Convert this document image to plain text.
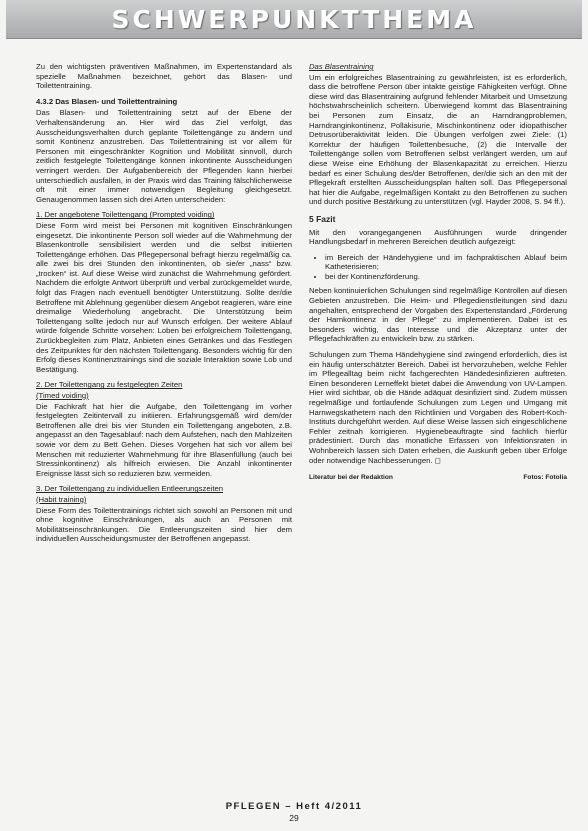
SCHWERPUNKTTHEMA

Zu den wichtigsten präventiven Maßnahmen, im Expertenstandard als spezielle Maßnahmen bezeichnet, gehört das Blasen- und Toilettentraining.

4.3.2 Das Blasen- und Toilettentraining

Das Blasen- und Toilettentraining setzt auf der Ebene der Verhaltensänderung an. Hier wird das Ziel verfolgt, das Ausscheidungsverhalten durch geplante Toilettengänge zu ändern und somit Kontinenz anzustreben. Das Toilettentraining ist vor allem für Personen mit eingeschränkter Kognition und Mobilität sinnvoll, durch zeitlich festgelegte Toilettengänge können inkontinente Ausscheidungen verringert werden. Der Aufgabenbereich der Pflegenden kann hierbei unterschiedlich ausfallen, in der Praxis wird das Training fälschlicherweise oft mit einer immer notwendigen Begleitung gleichgesetzt. Genaugenommen lassen sich drei Arten unterscheiden:

1. Der angebotene Toilettengang (Prompted voiding)

Diese Form wird meist bei Personen mit kognitiven Einschränkungen eingesetzt. Die inkontinente Person soll wieder auf die Wahrnehmung der Blasenkontrolle sensibilisiert werden und die selbst initiierten Toilettengänge erhöhen. Das Pflegepersonal befragt hierzu regelmäßig ca. alle zwei bis drei Stunden den inkontinenten, ob sie/er „nass“ bzw. „trocken“ ist. Auf diese Weise wird zunächst die Wahrnehmung gefördert. Nachdem die erfolgte Antwort überprüft und verbal zurückgemeldet wurde, folgt das Fragen nach eventuell benötigter Unterstützung. Sollte der/die Betroffene mit Ablehnung gegenüber diesem Angebot reagieren, wäre eine dreimalige Wiederholung angebracht. Die Unterstützung beim Toilettengang sollte jedoch nur auf Wunsch erfolgen. Der weitere Ablauf würde folgende Schritte vorsehen: Loben bei erfolgreichem Toilettengang, Zurückbegleiten zum Platz, Anbieten eines Getränkes und das Festlegen des Zeitpunktes für den nächsten Toilettengang. Besonders wichtig für den Erfolg dieses Kontinenztrainings sind die soziale Interaktion sowie Lob und Bestätigung.

2. Der Toilettengang zu festgelegten Zeiten
(Timed voiding)

Die Fachkraft hat hier die Aufgabe, den Toilettengang im vorher festgelegten Zeitintervall zu initiieren. Erfahrungsgemäß wird dem/der Betroffenen alle drei bis vier Stunden ein Toilettengang angeboten, z.B. angepasst an den Tagesablauf: nach dem Aufstehen, nach den Mahlzeiten sowie vor dem zu Bett Gehen. Dieses Vorgehen hat sich vor allem bei Menschen mit reduzierter Wahrnehmung für ihre Blasenfüllung (auch bei Stressinkontinenz) als hilfreich erwiesen. Die Anzahl inkontinenter Ereignisse lässt sich so reduzieren bzw. vermeiden.

3. Der Toilettengang zu individuellen Entleerungszeiten
(Habit training)

Diese Form des Toilettentrainings richtet sich sowohl an Personen mit und ohne kognitive Einschränkungen, als auch an Personen mit Mobilitätseinschränkungen. Die Entleerungszeiten sind hier dem individuellen Ausscheidungsmuster der Betroffenen angepasst.

Das Blasentraining

Um ein erfolgreiches Blasentraining zu gewährleisten, ist es erforderlich, dass die betroffene Person über intakte geistige Fähigkeiten verfügt. Ohne diese wird das Blasentraining aufgrund fehlender Mitarbeit und Umsetzung höchstwahrscheinlich scheitern. Überwiegend kommt das Blasentraining bei Personen zum Einsatz, die an Harndrangproblemen, Harndranginkontinenz, Pollakisurie, Mischinkontinenz oder idiopathischer Detrusorüberaktivität leiden. Die Übungen verfolgen zwei Ziele: (1) Korrektur der häufigen Toilettenbesuche, (2) die Intervalle der Toilettengänge sollen vom Betroffenen selbst verlängert werden, um auf diese Weise eine Erhöhung der Blasenkapazität zu erreichen. Hierzu bedarf es einer Schulung des/der Betroffenen, der/die sich an den mit der Pflegekraft erstellten Ausscheidungsplan halten soll. Das Pflegepersonal hat hier die Aufgabe, regelmäßigen Kontakt zu den Betroffenen zu suchen und durch positive Bestärkung zu unterstützen (vgl. Hayder 2008, S. 94 ff.).

5 Fazit

Mit den vorangegangenen Ausführungen wurde dringender Handlungsbedarf in mehreren Bereichen deutlich aufgezeigt:

• im Bereich der Händehygiene und im fachpraktischen Ablauf beim Katheterisieren;
• bei der Kontinenzförderung.

Neben kontinuierlichen Schulungen sind regelmäßige Kontrollen auf diesen Gebieten anzustreben. Die Heim- und Pflegedienstleitungen sind dazu angehalten, entsprechend der Vorgaben des Expertenstandard „Förderung der Harnkontinenz in der Pflege“ zu implementieren. Dabei ist es besonders wichtig, das Interesse und die Akzeptanz unter der Pflegefachkräften zu entwickeln bzw. zu stärken.

Schulungen zum Thema Händehygiene sind zwingend erforderlich, dies ist ein häufig unterschätzter Bereich. Dabei ist hervorzuheben, welche Fehler im Pflegealltag beim nicht fachgerechten Händedesinfizieren auftreten. Einen besonderen Lerneffekt bietet dabei die Anwendung von UV-Lampen. Hier wird sichtbar, ob die Hände adäquat desinfiziert sind. Zudem müssen regelmäßige und fortlaufende Schulungen zum Legen und Umgang mit Harnwegskathetern nach den Richtlinien und Vorgaben des Robert-Koch-Instituts durchgeführt werden. Auf diese Weise lassen sich eingeschlichene Fehler zeitnah korrigieren. Hygienebeauftragte sind fachlich hierfür prädestiniert. Durch das monatliche Erfassen von Infektionsraten in Wohnbereich lassen sich Daten erheben, die Auskunft geben über Erfolge oder notwendige Nachbesserungen. ◻

Literatur bei der Redaktion	Fotos: Fotolia
PFLEGEN – Heft 4/2011
29
